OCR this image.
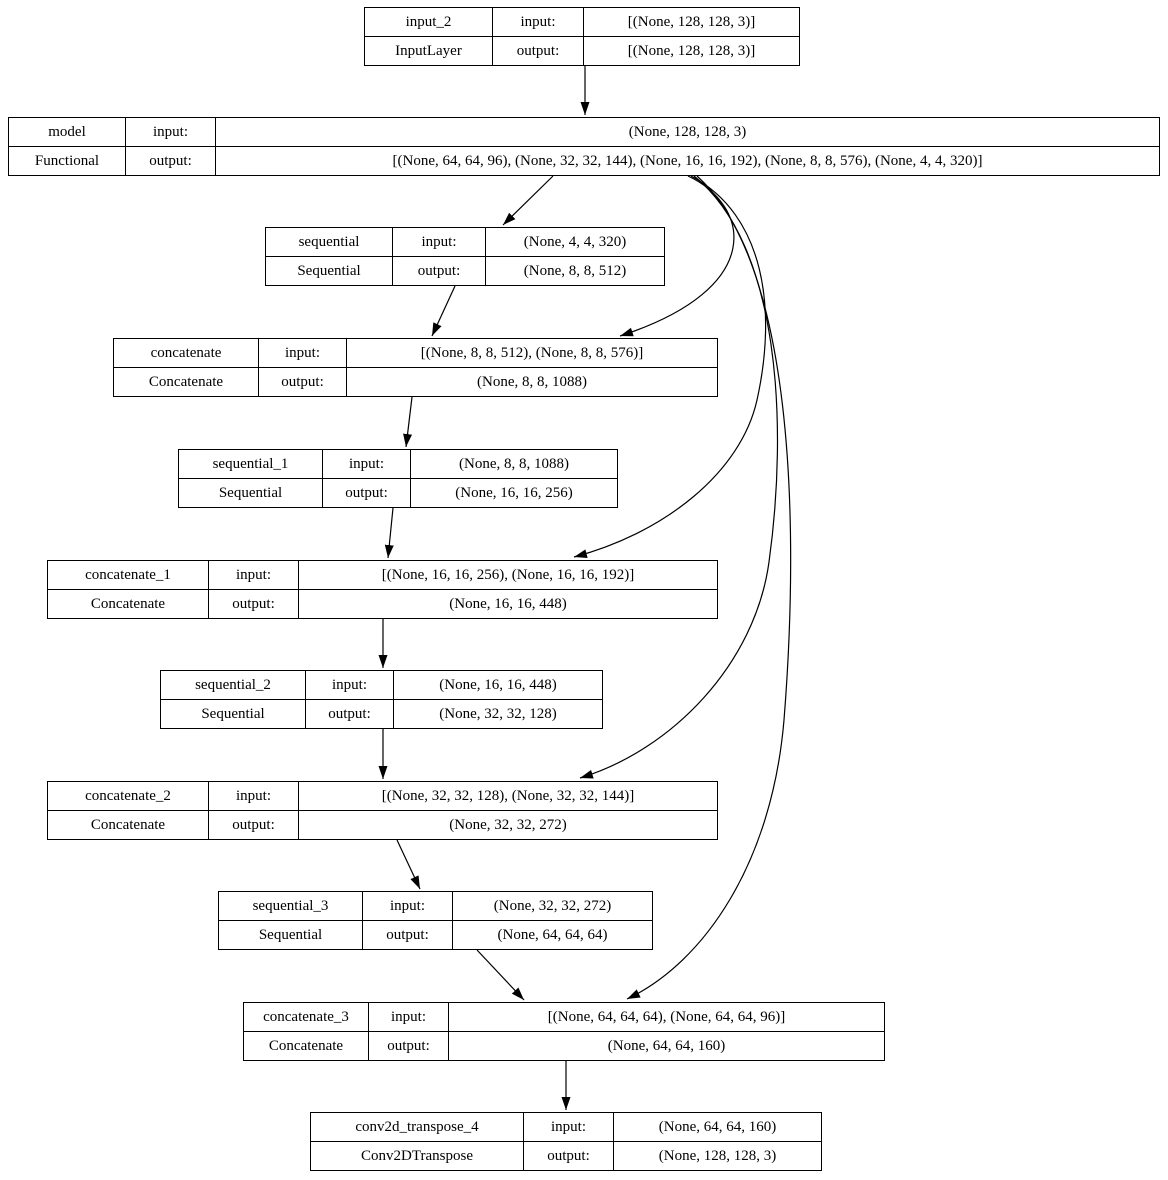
input_2	input:	[(None, 128, 128, 3)]
InputLayer	output:	[(None, 128, 128, 3)]
model	input:	(None, 128, 128, 3)
Functional	output:	[(None, 64, 64, 96), (None, 32, 32, 144), (None, 16, 16, 192), (None, 8, 8, 576), (None, 4, 4, 320)]
sequential	input:	(None, 4, 4, 320)
Sequential	output:	(None, 8, 8, 512)
concatenate	input:	[(None, 8, 8, 512), (None, 8, 8, 576)]
Concatenate	output:	(None, 8, 8, 1088)
sequential_1	input:	(None, 8, 8, 1088)
Sequential	output:	(None, 16, 16, 256)
concatenate_1	input:	[(None, 16, 16, 256), (None, 16, 16, 192)]
Concatenate	output:	(None, 16, 16, 448)
sequential_2	input:	(None, 16, 16, 448)
Sequential	output:	(None, 32, 32, 128)
concatenate_2	input:	[(None, 32, 32, 128), (None, 32, 32, 144)]
Concatenate	output:	(None, 32, 32, 272)
sequential_3	input:	(None, 32, 32, 272)
Sequential	output:	(None, 64, 64, 64)
concatenate_3	input:	[(None, 64, 64, 64), (None, 64, 64, 96)]
Concatenate	output:	(None, 64, 64, 160)
conv2d_transpose_4	input:	(None, 64, 64, 160)
Conv2DTranspose	output:	(None, 128, 128, 3)
